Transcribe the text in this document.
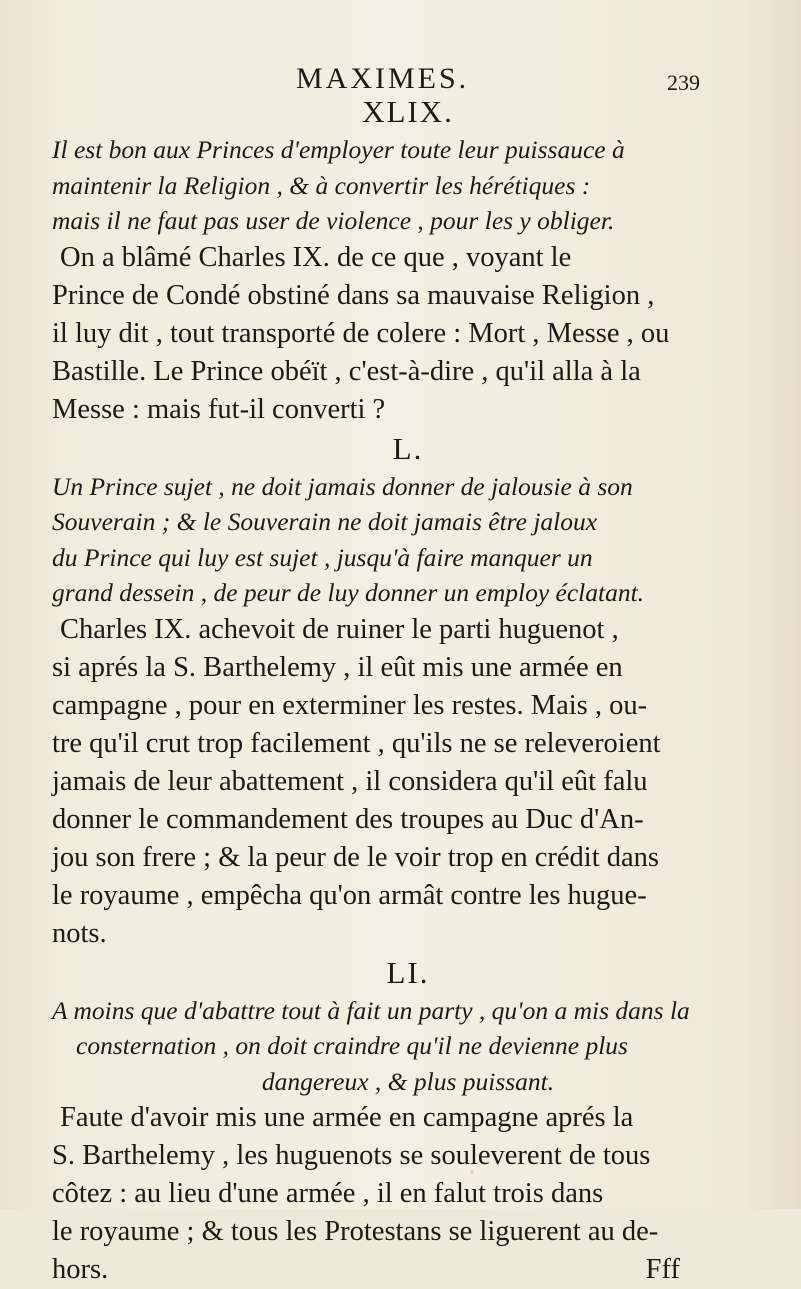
MAXIMES.	239
XLIX.
Il est bon aux Princes d'employer toute leur puissauce à
maintenir la Religion , & à convertir les hérétiques :
mais il ne faut pas user de violence , pour les y obliger.
On a blâmé Charles IX. de ce que , voyant le
Prince de Condé obstiné dans sa mauvaise Religion ,
il luy dit , tout transporté de colere : Mort , Messe , ou
Bastille. Le Prince obéït , c'est-à-dire , qu'il alla à la
Messe : mais fut-il converti ?
L.
Un Prince sujet , ne doit jamais donner de jalousie à son
Souverain ; & le Souverain ne doit jamais être jaloux
du Prince qui luy est sujet , jusqu'à faire manquer un
grand dessein , de peur de luy donner un employ éclatant.
Charles IX. achevoit de ruiner le parti huguenot ,
si aprés la S. Barthelemy , il eût mis une armée en
campagne , pour en exterminer les restes. Mais , ou-
tre qu'il crut trop facilement , qu'ils ne se releveroient
jamais de leur abattement , il considera qu'il eût falu
donner le commandement des troupes au Duc d'An-
jou son frere ; & la peur de le voir trop en crédit dans
le royaume , empêcha qu'on armât contre les hugue-
nots.
LI.
A moins que d'abattre tout à fait un party , qu'on a mis dans la
consternation , on doit craindre qu'il ne devienne plus
dangereux , & plus puissant.
Faute d'avoir mis une armée en campagne aprés la
S. Barthelemy , les huguenots se souleverent de tous
côtez : au lieu d'une armée , il en falut trois dans
le royaume ; & tous les Protestans se liguerent au de-
hors.	Fff
